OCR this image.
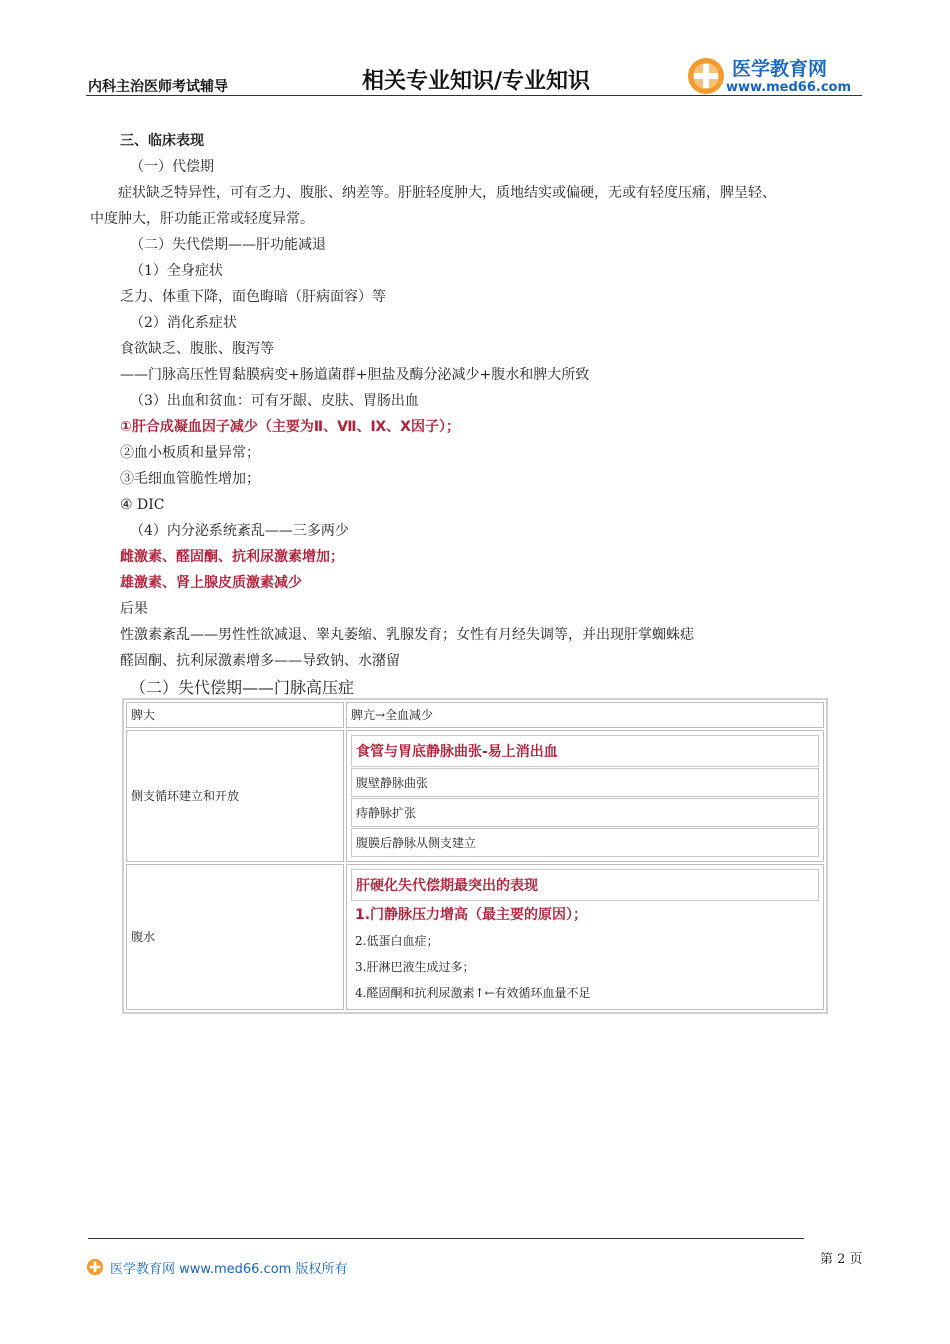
内科主治医师考试辅导	相关专业知识/专业知识	医学教育网
www.med66.com
三、临床表现
（一）代偿期
症状缺乏特异性，可有乏力、腹胀、纳差等。肝脏轻度肿大，质地结实或偏硬，无或有轻度压痛，脾呈轻、
中度肿大，肝功能正常或轻度异常。
（二）失代偿期——肝功能减退
（1）全身症状
乏力、体重下降，面色晦暗（肝病面容）等
（2）消化系症状
食欲缺乏、腹胀、腹泻等
——门脉高压性胃黏膜病变+肠道菌群+胆盐及酶分泌减少+腹水和脾大所致
（3）出血和贫血：可有牙龈、皮肤、胃肠出血
①肝合成凝血因子减少（主要为Ⅱ、Ⅶ、Ⅸ、Ⅹ因子）；
②血小板质和量异常；
③毛细血管脆性增加；
④ DIC
（4）内分泌系统紊乱——三多两少
雌激素、醛固酮、抗利尿激素增加；
雄激素、肾上腺皮质激素减少
后果
性激素紊乱——男性性欲减退、睾丸萎缩、乳腺发育；女性有月经失调等，并出现肝掌蜘蛛痣
醛固酮、抗利尿激素增多——导致钠、水潴留
（二）失代偿期——门脉高压症
脾大	脾亢→全血减少
侧支循环建立和开放	食管与胃底静脉曲张-易上消出血
腹壁静脉曲张
痔静脉扩张
腹膜后静脉从侧支建立

腹水	肝硬化失代偿期最突出的表现
1.门静脉压力增高（最主要的原因）；
2.低蛋白血症；
3.肝淋巴液生成过多；
4.醛固酮和抗利尿激素↑←有效循环血量不足
医学教育网 www.med66.com 版权所有
第 2 页
